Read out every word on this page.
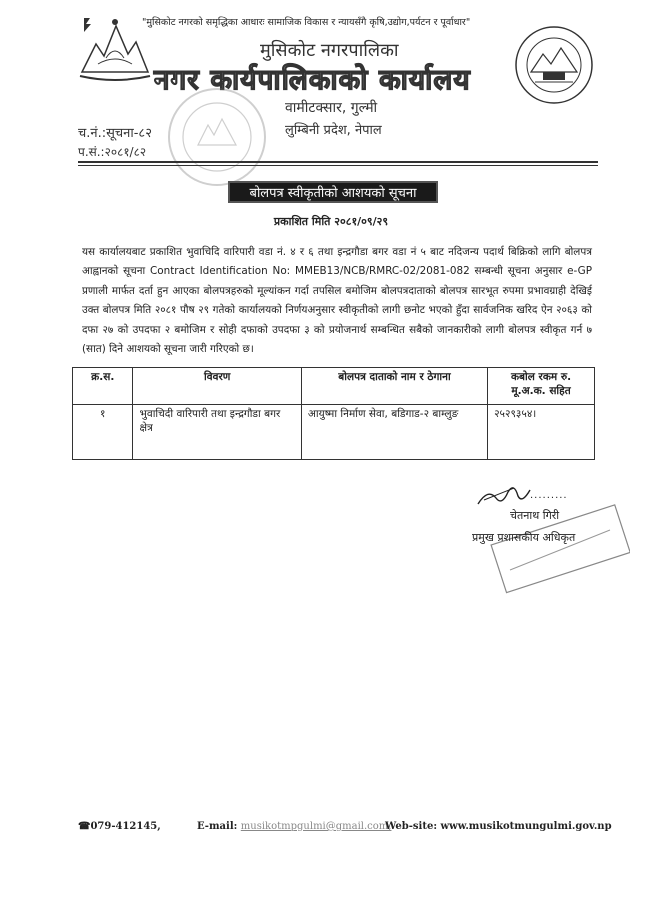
"मुसिकोट नगरको समृद्धिका आधारः सामाजिक विकास र न्यायसँगै कृषि,उद्योग,पर्यटन र पूर्वाधार"
मुसिकोट नगरपालिका
नगर कार्यपालिकाको कार्यालय
वामीटक्सार, गुल्मी
लुम्बिनी प्रदेश, नेपाल
च.नं.:सूचना-८२
प.सं.:२०८१/८२
बोलपत्र स्वीकृतीको आशयको सूचना
प्रकाशित मिति २०८१/०९/२९
यस कार्यालयबाट प्रकाशित भुवाचिदि वारिपारी वडा नं. ४ र ६ तथा इन्द्रगौडा बगर वडा नं ५ बाट नदिजन्य पदार्थ बिक्रिको लागि बोलपत्र आह्वानको सूचना Contract Identification No: MMEB13/NCB/RMRC-02/2081-082 सम्बन्धी सूचना अनुसार e-GP प्रणाली मार्फत दर्ता हुन आएका बोलपत्रहरुको मूल्यांकन गर्दा तपसिल बमोजिम बोलपत्रदाताको बोलपत्र सारभूत रुपमा प्रभावग्राही देखिई उक्त बोलपत्र मिति २०८१ पौष २९ गतेको कार्यालयको निर्णयअनुसार स्वीकृतीको लागी छनोट भएको हुँदा सार्वजनिक खरिद ऐन २०६३ को दफा २७ को उपदफा २ बमोजिम र सोही दफाको उपदफा ३ को प्रयोजनार्थ सम्बन्धित सबैको जानकारीको लागी बोलपत्र स्वीकृत गर्न ७ (सात) दिने आशयको सूचना जारी गरिएको छ।
क्र.स.	विवरण	बोलपत्र दाताको नाम र ठेगाना	कबोल रकम रु. मू.अ.क. सहित
१	भुवाचिदी वारिपारी तथा इन्द्रगौडा बगर क्षेत्र	आयुष्मा निर्माण सेवा, बडिगाड-२ बाम्लुङ	२५२९३५४।
.........
चेतनाथ गिरी
प्रमुख प्रशासकीय अधिकृत
☎079-412145,	E-mail: musikotmpgulmi@gmail.com,
Web-site: www.musikotmungulmi.gov.np
